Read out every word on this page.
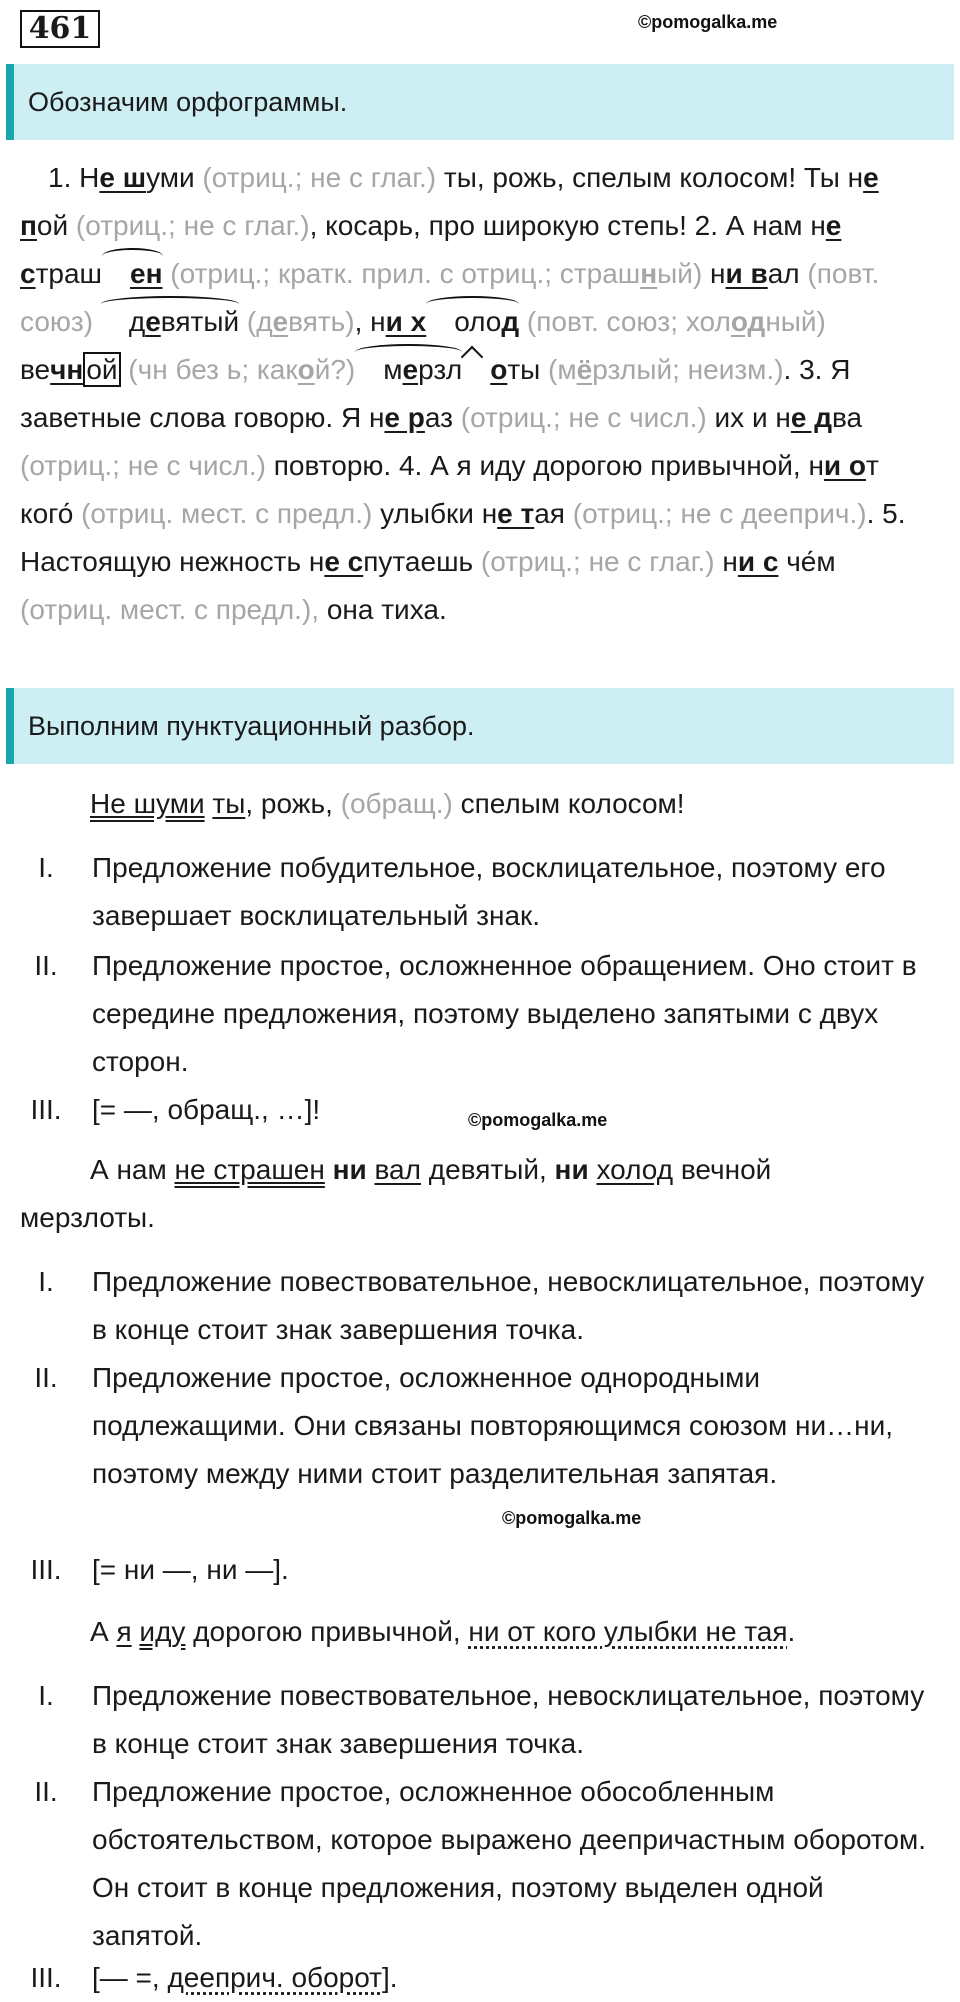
461	©pomogalka.me
Обозначим орфограммы.
1. Не шуми (отриц.; не с глаг.) ты, рожь, спелым колосом! Ты не пой (отриц.; не с глаг.), косарь, про широкую степь! 2. А нам не страш ен (отриц.; кратк. прил. с отриц.; страшный) ни вал (повт. союз) девятый (девять), ни х олод (повт. союз; холодный) вечн ой (чн без ь; какой?)мерзл оты (мёрзлый; неизм.). 3. Я заветные слова говорю. Я не раз (отриц.; не с числ.) их и не два (отриц.; не с числ.) повторю. 4. А я иду дорогою привычной, ни от кого́ (отриц. мест. с предл.) улыбки не тая (отриц.; не с дееприч.). 5. Настоящую нежность не спутаешь (отриц.; не с глаг.) ни с че́м (отриц. мест. с предл.), она тиха.
Выполним пунктуационный разбор.
Не шуми ты, рожь, (обращ.) спелым колосом!
I.	Предложение побудительное, восклицательное, поэтому его завершает восклицательный знак.
II.	Предложение простое, осложненное обращением. Оно стоит в середине предложения, поэтому выделено запятыми с двух сторон.
III.	[= —, обращ., …]!	©pomogalka.me
А нам не страшен ни вал девятый, ни холод вечной мерзлоты.
I.	Предложение повествовательное, невосклицательное, поэтому в конце стоит знак завершения точка.
II.	Предложение простое, осложненное однородными подлежащими. Они связаны повторяющимся союзом ни…ни, поэтому между ними стоит разделительная запятая.
III.	[= ни —, ни —].
©pomogalka.me
А я иду дорогою привычной, ни от кого улыбки не тая.
I.	Предложение повествовательное, невосклицательное, поэтому в конце стоит знак завершения точка.
II.	Предложение простое, осложненное обособленным обстоятельством, которое выражено деепричастным оборотом. Он стоит в конце предложения, поэтому выделен одной запятой.
III.	[— =, дееприч. оборот].
